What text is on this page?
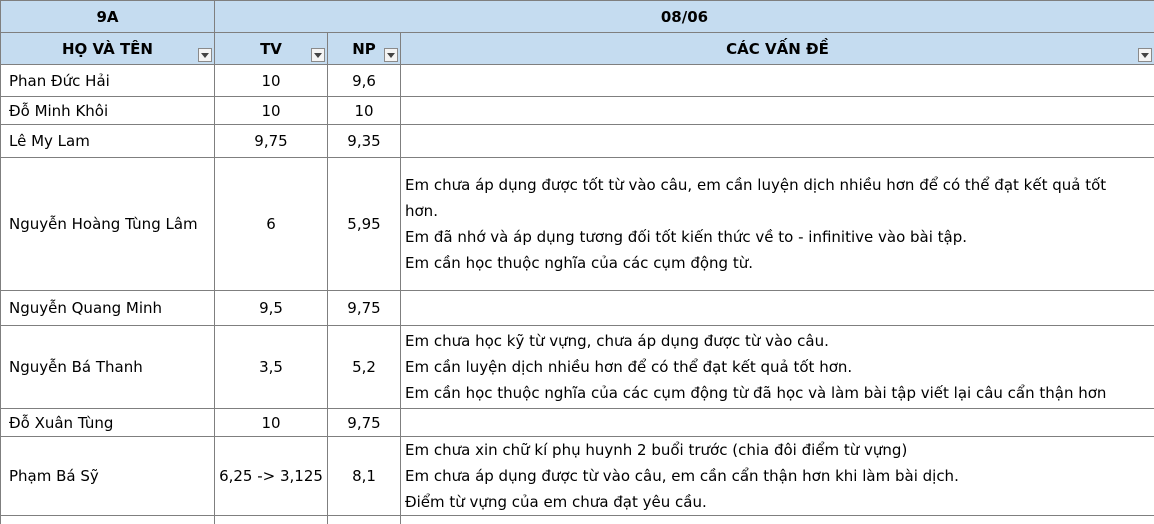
9A	08/06		
HỌ VÀ TÊN	TV	NP	CÁC VẤN ĐỀ

Phan Đức Hải	10	9,6	
Đỗ Minh Khôi	10	10	
Lê My Lam	9,75	9,35	
Nguyễn Hoàng Tùng Lâm	6	5,95	Em chưa áp dụng được tốt từ vào câu, em cần luyện dịch nhiều hơn để có thể đạt kết quả tốt
hơn.
Em đã nhớ và áp dụng tương đối tốt kiến thức về to - infinitive vào bài tập.
Em cần học thuộc nghĩa của các cụm động từ.

Nguyễn Quang Minh	9,5	9,75	
Nguyễn Bá Thanh	3,5	5,2	Em chưa học kỹ từ vựng, chưa áp dụng được từ vào câu.
Em cần luyện dịch nhiều hơn để có thể đạt kết quả tốt hơn.
Em cần học thuộc nghĩa của các cụm động từ đã học và làm bài tập viết lại câu cẩn thận hơn

Đỗ Xuân Tùng	10	9,75	
Phạm Bá Sỹ	6,25 -> 3,125	8,1	Em chưa xin chữ kí phụ huynh 2 buổi trước (chia đôi điểm từ vựng)
Em chưa áp dụng được từ vào câu, em cần cẩn thận hơn khi làm bài dịch.
Điểm từ vựng của em chưa đạt yêu cầu.
